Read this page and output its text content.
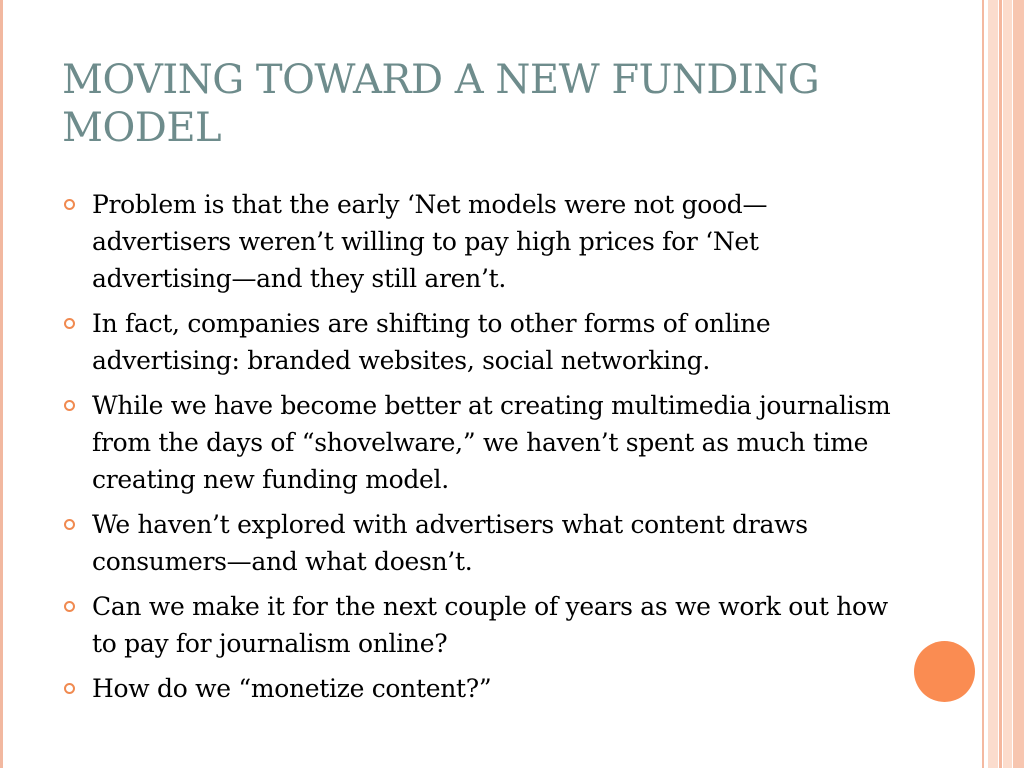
MOVING TOWARD A NEW FUNDING MODEL
Problem is that the early ‘Net models were not good—advertisers weren’t willing to pay high prices for ‘Net advertising—and they still aren’t.
In fact, companies are shifting to other forms of online advertising: branded websites, social networking.
While we have become better at creating multimedia journalism from the days of “shovelware,” we haven’t spent as much time creating new funding model.
We haven’t explored with advertisers what content draws consumers—and what doesn’t.
Can we make it for the next couple of years as we work out how to pay for journalism online?
How do we “monetize content?”
